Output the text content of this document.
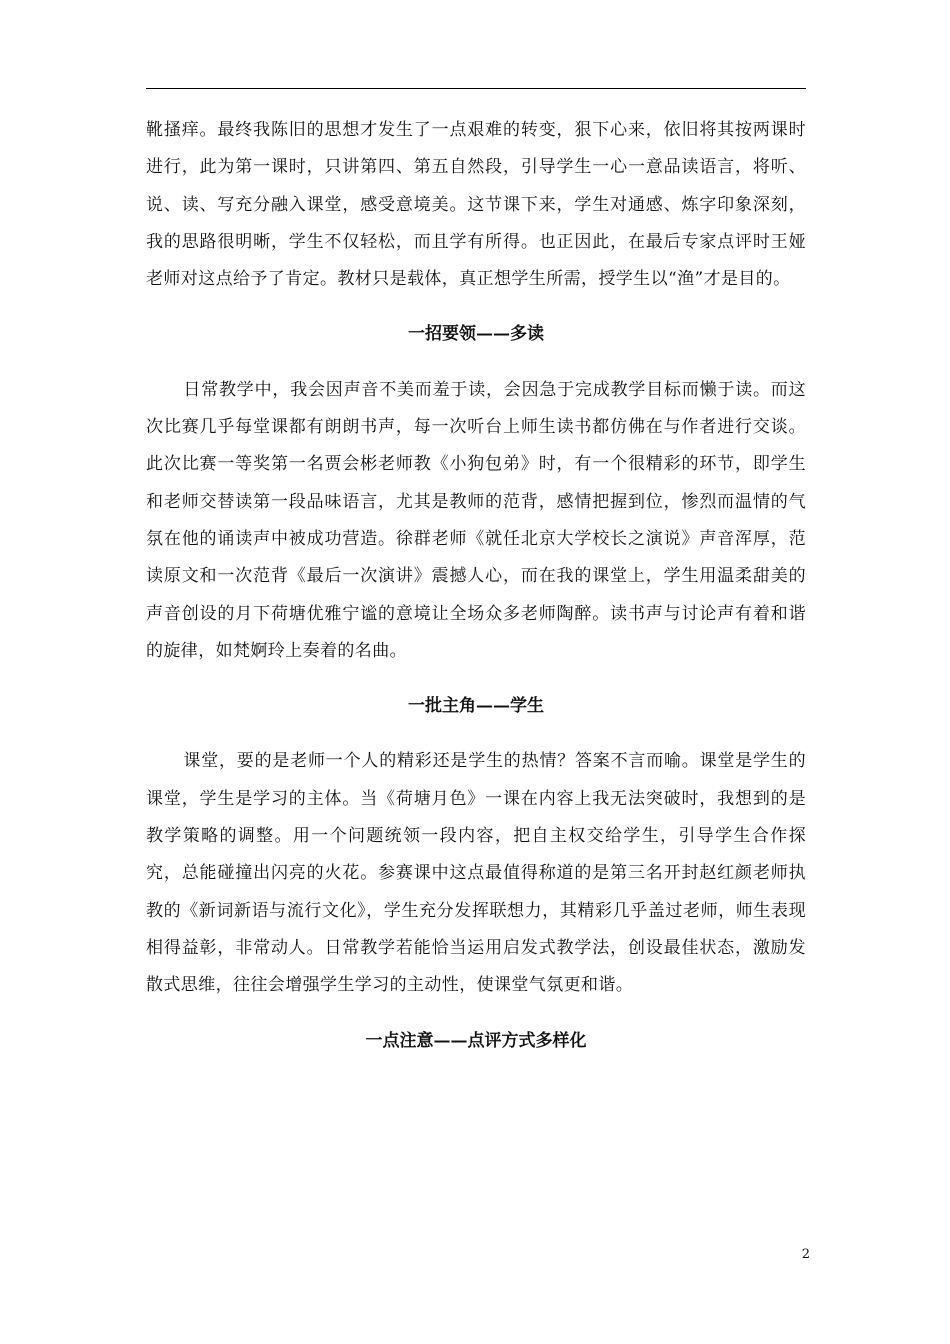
靴搔痒。最终我陈旧的思想才发生了一点艰难的转变，狠下心来，依旧将其按两课时进行，此为第一课时，只讲第四、第五自然段，引导学生一心一意品读语言，将听、说、读、写充分融入课堂，感受意境美。这节课下来，学生对通感、炼字印象深刻，我的思路很明晰，学生不仅轻松，而且学有所得。也正因此，在最后专家点评时王娅老师对这点给予了肯定。教材只是载体，真正想学生所需，授学生以“渔”才是目的。

一招要领——多读

日常教学中，我会因声音不美而羞于读，会因急于完成教学目标而懒于读。而这次比赛几乎每堂课都有朗朗书声，每一次听台上师生读书都仿佛在与作者进行交谈。此次比赛一等奖第一名贾会彬老师教《小狗包弟》时，有一个很精彩的环节，即学生和老师交替读第一段品味语言，尤其是教师的范背，感情把握到位，惨烈而温情的气氛在他的诵读声中被成功营造。徐群老师《就任北京大学校长之演说》声音浑厚，范读原文和一次范背《最后一次演讲》震撼人心，而在我的课堂上，学生用温柔甜美的声音创设的月下荷塘优雅宁谧的意境让全场众多老师陶醉。读书声与讨论声有着和谐的旋律，如梵婀玲上奏着的名曲。

一批主角——学生

课堂，要的是老师一个人的精彩还是学生的热情？答案不言而喻。课堂是学生的课堂，学生是学习的主体。当《荷塘月色》一课在内容上我无法突破时，我想到的是教学策略的调整。用一个问题统领一段内容，把自主权交给学生，引导学生合作探究，总能碰撞出闪亮的火花。参赛课中这点最值得称道的是第三名开封赵红颜老师执教的《新词新语与流行文化》，学生充分发挥联想力，其精彩几乎盖过老师，师生表现相得益彰，非常动人。日常教学若能恰当运用启发式教学法，创设最佳状态，激励发散式思维，往往会增强学生学习的主动性，使课堂气氛更和谐。

一点注意——点评方式多样化

2
